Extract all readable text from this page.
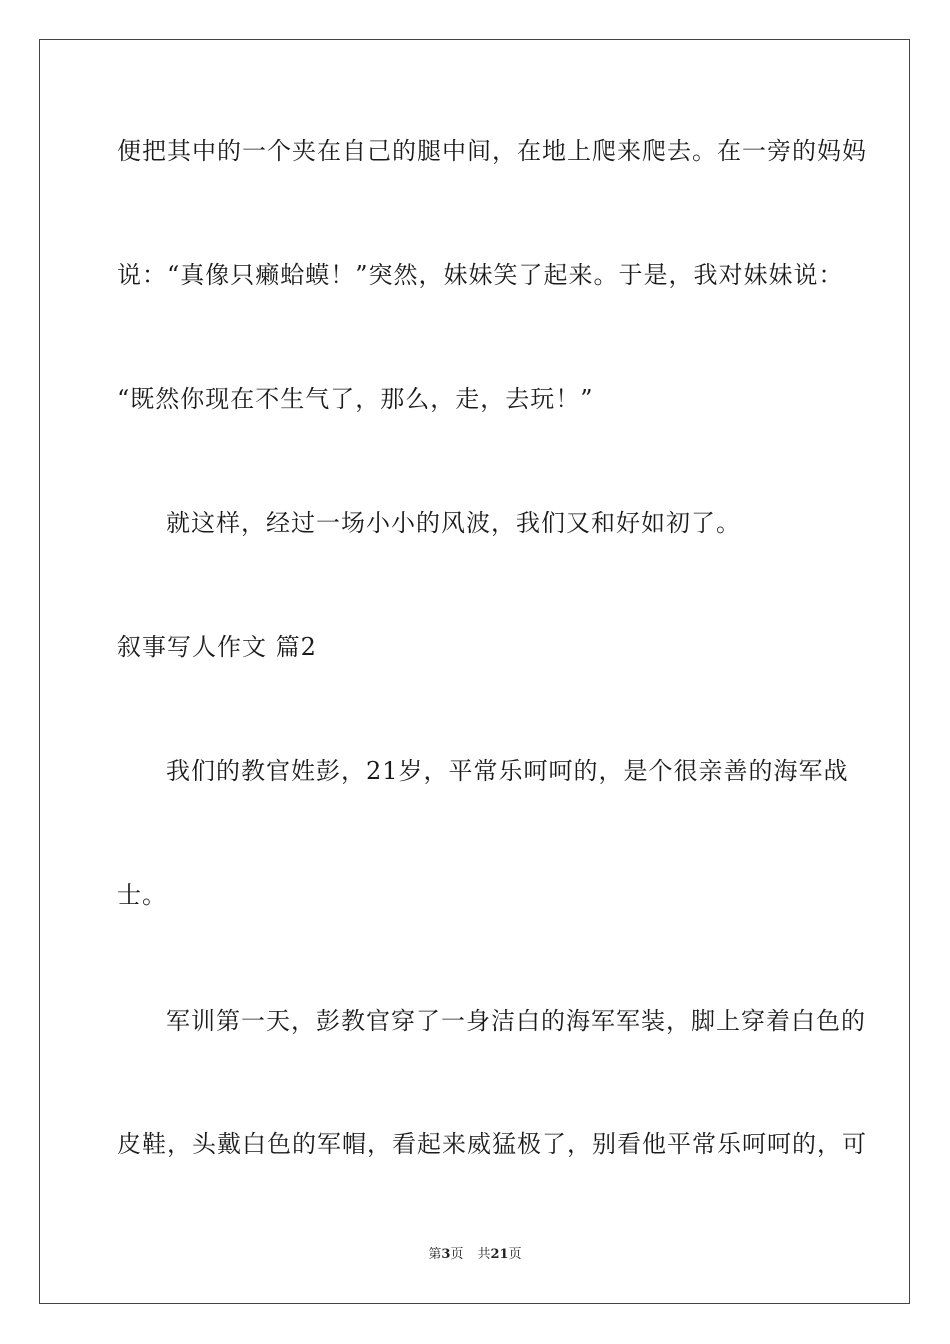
便把其中的一个夹在自己的腿中间，在地上爬来爬去。在一旁的妈妈
说：“真像只癞蛤蟆！”突然，妹妹笑了起来。于是，我对妹妹说：
“既然你现在不生气了，那么，走，去玩！”
就这样，经过一场小小的风波，我们又和好如初了。
叙事写人作文 篇2
我们的教官姓彭，21岁，平常乐呵呵的，是个很亲善的海军战
士。
军训第一天，彭教官穿了一身洁白的海军军装，脚上穿着白色的
皮鞋，头戴白色的军帽，看起来威猛极了，别看他平常乐呵呵的，可
第3页 共21页
